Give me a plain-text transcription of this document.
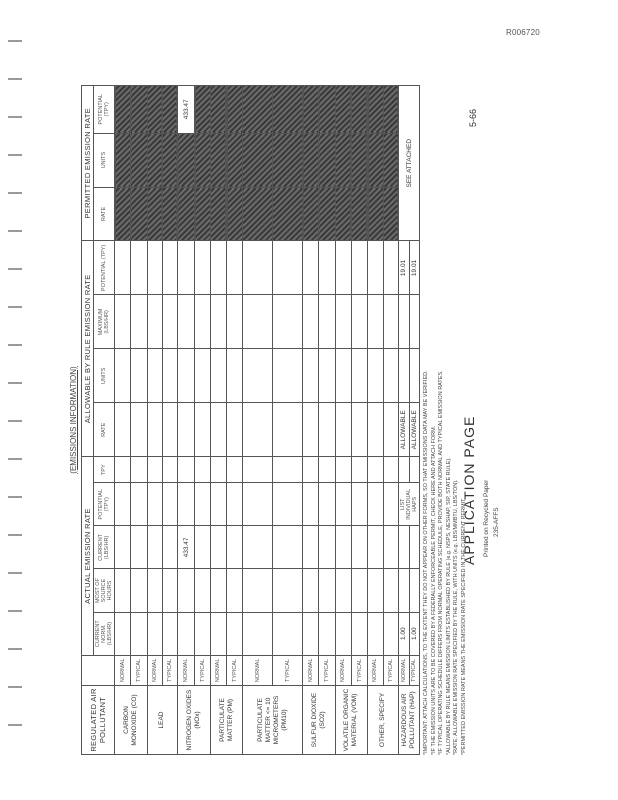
R006720
(EMISSIONS INFORMATION)
REGULATED AIR POLLUTANT		ACTUAL EMISSION RATE					ALLOWABLE BY RULE EMISSION RATE				PERMITTED EMISSION RATE		
		CURRENT NORM. (LBS/HR)	MOST OF SOURCE HOURS	CURRENT (LBS/HR)	POTENTIAL (TPY)	TPY	RATE	UNITS	MAXIMUM (LBS/HR)	POTENTIAL (TPY)	RATE	UNITS	POTENTIAL (TPY)
CARBON MONOXIDE (CO)	NORMAL												
	TYPICAL												
LEAD	NORMAL												
	TYPICAL												
NITROGEN OXIDES (NOx)	NORMAL			433.47									433.47
	TYPICAL												
PARTICULATE MATTER (PM)	NORMAL												
	TYPICAL												
PARTICULATE MATTER <= 10 MICROMETERS (PM10)	NORMAL												
	TYPICAL												
SULFUR DIOXIDE (SO2)	NORMAL												
	TYPICAL												
VOLATILE ORGANIC MATERIAL (VOM)	NORMAL												
	TYPICAL												
OTHER, SPECIFY	NORMAL												
	TYPICAL												
HAZARDOUS AIR POLLUTANT (HAP)	NORMAL	1.00			LIST INDIVIDUAL HAPS		ALLOWABLE			19.01	SEE ATTACHED		
	TYPICAL	1.00					ALLOWABLE			19.01			
*IMPORTANT: ATTACH CALCULATIONS, TO THE EXTENT THEY DO NOT APPEAR ON OTHER FORMS, SO THAT EMISSIONS DATA MAY BE VERIFIED. *IF THE EMISSION UNITS ARE TO BE COVERED BY A FEDERALLY ENFORCEABLE PERMIT, CHECK HERE AND ATTACH FORM. *IF TYPICAL OPERATING SCHEDULE DIFFERS FROM NORMAL OPERATING SCHEDULE, PROVIDE BOTH NORMAL AND TYPICAL EMISSION RATES. *ALLOWABLE BY RULE MEANS EMISSION LIMITS ESTABLISHED BY RULE (e.g. NSPS, NESHAP, SIP, STATE RULE). *RATE: ALLOWABLE EMISSION RATE SPECIFIED BY THE RULE, WITH UNITS (e.g. LBS/MMBTU, LBS/TON). *PERMITTED EMISSION RATE MEANS THE EMISSION RATE SPECIFIED IN THE CURRENT PERMIT.
APPLICATION PAGE Printed on Recycled Paper 235-AFFS
5-66
